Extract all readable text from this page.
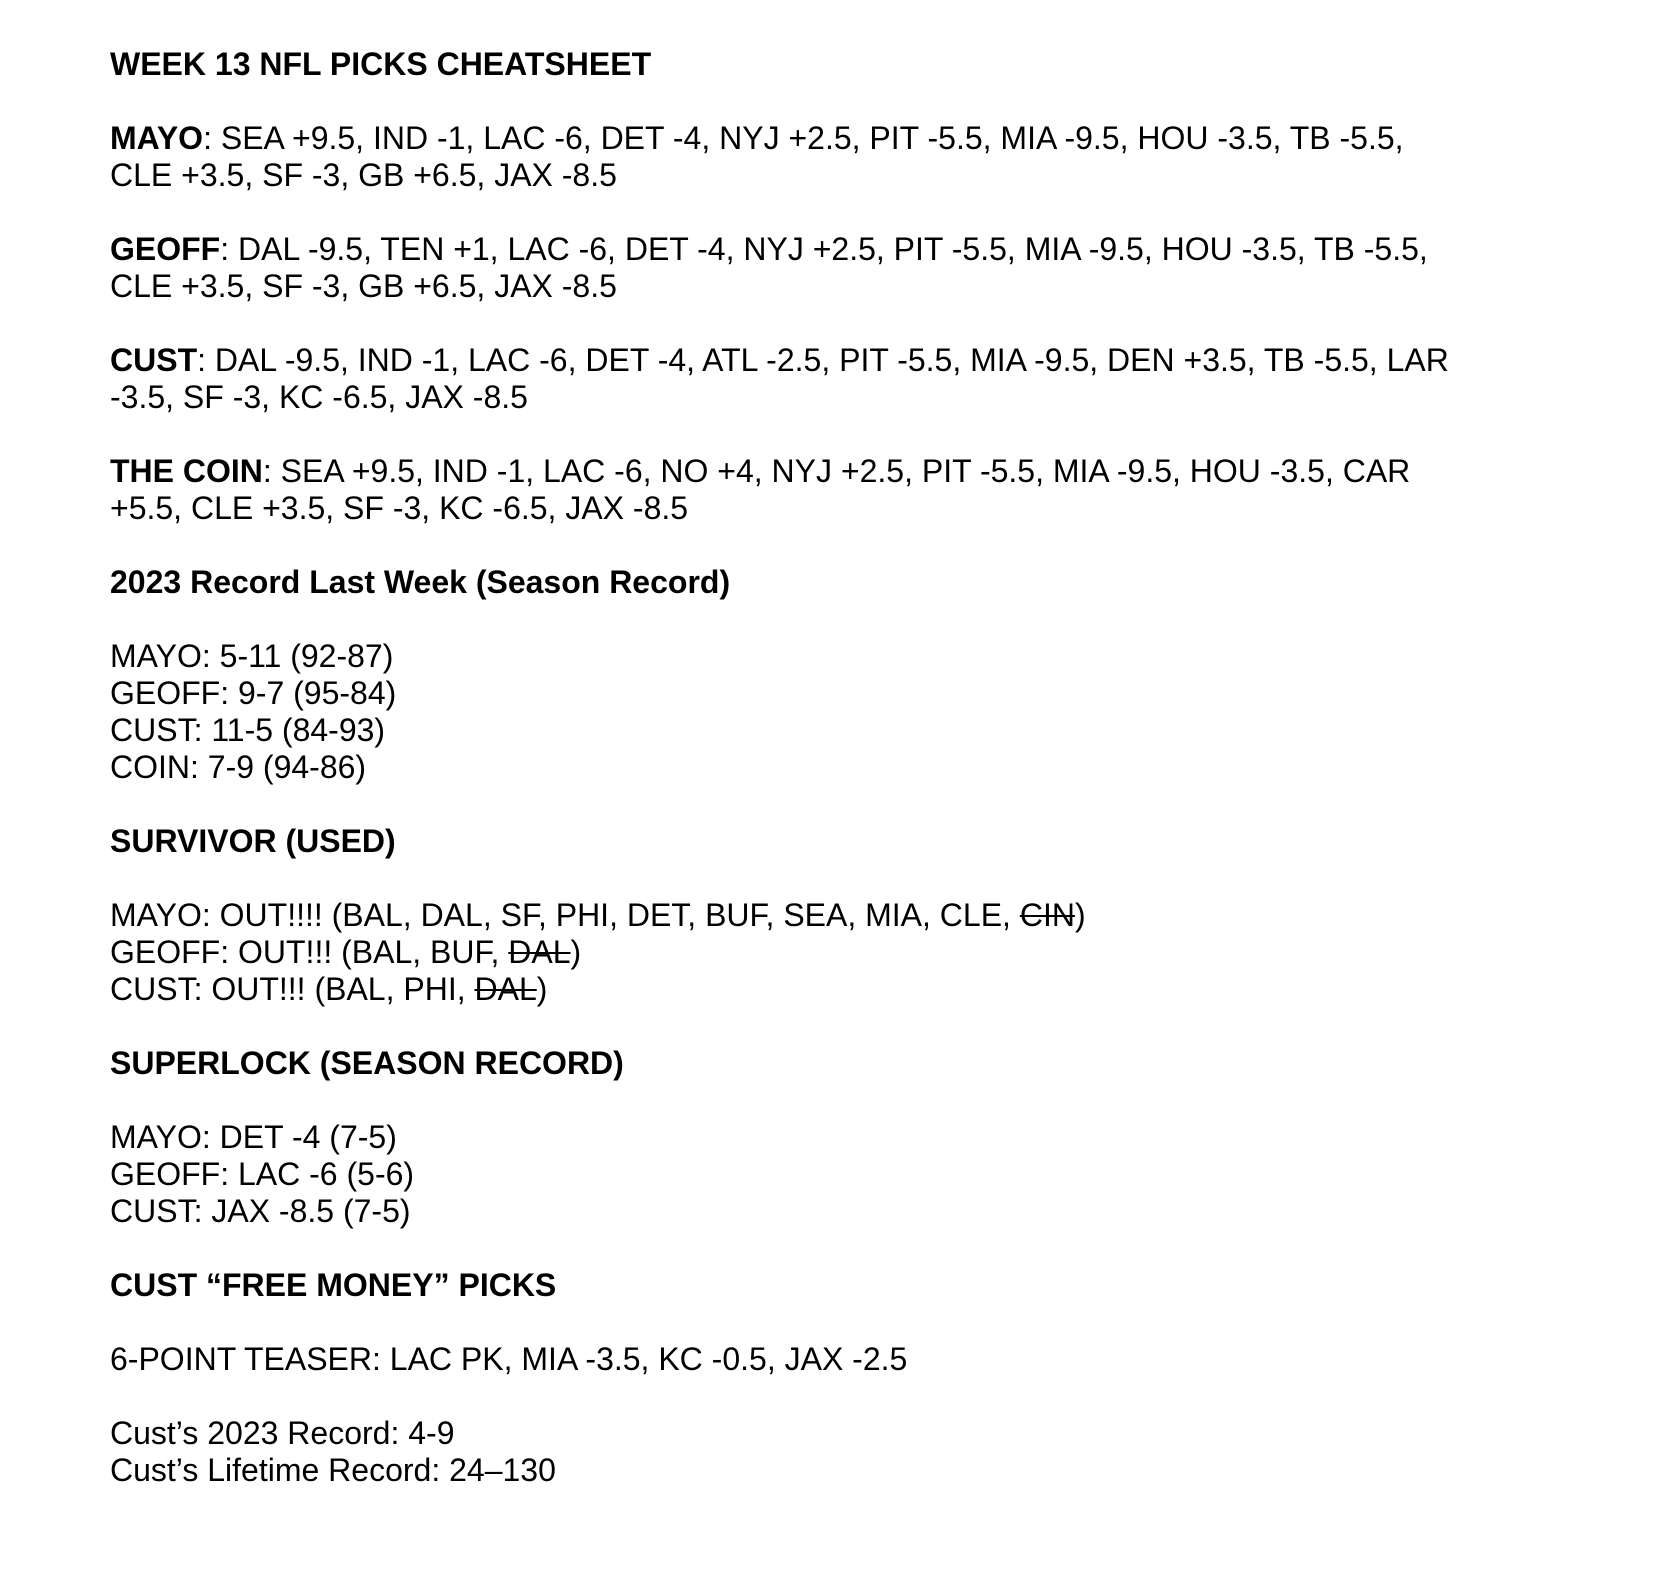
WEEK 13 NFL PICKS CHEATSHEET
MAYO: SEA +9.5, IND -1, LAC -6, DET -4, NYJ +2.5, PIT -5.5, MIA -9.5, HOU -3.5, TB -5.5,
CLE +3.5, SF -3, GB +6.5, JAX -8.5
GEOFF: DAL -9.5, TEN +1, LAC -6, DET -4, NYJ +2.5, PIT -5.5, MIA -9.5, HOU -3.5, TB -5.5,
CLE +3.5, SF -3, GB +6.5, JAX -8.5
CUST: DAL -9.5, IND -1, LAC -6, DET -4, ATL -2.5, PIT -5.5, MIA -9.5, DEN +3.5, TB -5.5, LAR
-3.5, SF -3, KC -6.5, JAX -8.5
THE COIN: SEA +9.5, IND -1, LAC -6, NO +4, NYJ +2.5, PIT -5.5, MIA -9.5, HOU -3.5, CAR
+5.5, CLE +3.5, SF -3, KC -6.5, JAX -8.5
2023 Record Last Week (Season Record)
MAYO: 5-11 (92-87)
GEOFF: 9-7 (95-84)
CUST: 11-5 (84-93)
COIN: 7-9 (94-86)
SURVIVOR (USED)
MAYO: OUT!!!! (BAL, DAL, SF, PHI, DET, BUF, SEA, MIA, CLE, CIN)
GEOFF: OUT!!! (BAL, BUF, DAL)
CUST: OUT!!! (BAL, PHI, DAL)
SUPERLOCK (SEASON RECORD)
MAYO: DET -4 (7-5)
GEOFF: LAC -6 (5-6)
CUST: JAX -8.5 (7-5)
CUST “FREE MONEY” PICKS
6-POINT TEASER: LAC PK, MIA -3.5, KC -0.5, JAX -2.5
Cust’s 2023 Record: 4-9
Cust’s Lifetime Record: 24–130
